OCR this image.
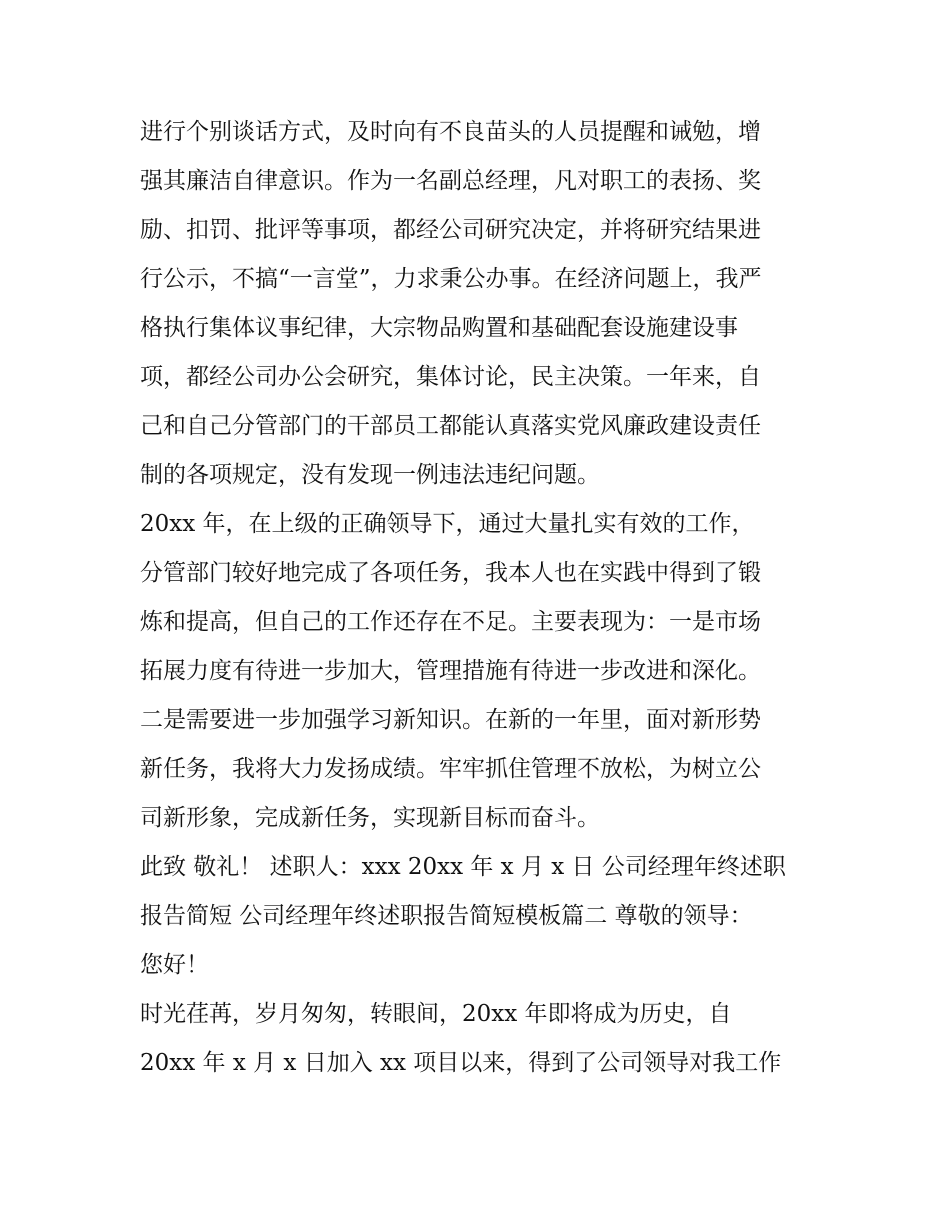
进行个别谈话方式，及时向有不良苗头的人员提醒和诫勉，增
强其廉洁自律意识。作为一名副总经理，凡对职工的表扬、奖
励、扣罚、批评等事项，都经公司研究决定，并将研究结果进
行公示，不搞“一言堂”，力求秉公办事。在经济问题上，我严
格执行集体议事纪律，大宗物品购置和基础配套设施建设事
项，都经公司办公会研究，集体讨论，民主决策。一年来，自
己和自己分管部门的干部员工都能认真落实党风廉政建设责任
制的各项规定，没有发现一例违法违纪问题。
20xx 年，在上级的正确领导下，通过大量扎实有效的工作，
分管部门较好地完成了各项任务，我本人也在实践中得到了锻
炼和提高，但自己的工作还存在不足。主要表现为：一是市场
拓展力度有待进一步加大，管理措施有待进一步改进和深化。
二是需要进一步加强学习新知识。在新的一年里，面对新形势
新任务，我将大力发扬成绩。牢牢抓住管理不放松，为树立公
司新形象，完成新任务，实现新目标而奋斗。
此致 敬礼！ 述职人：xxx 20xx 年 x 月 x 日 公司经理年终述职
报告简短 公司经理年终述职报告简短模板篇二 尊敬的领导：
您好！
时光荏苒，岁月匆匆，转眼间，20xx 年即将成为历史，自
20xx 年 x 月 x 日加入 xx 项目以来，得到了公司领导对我工作
